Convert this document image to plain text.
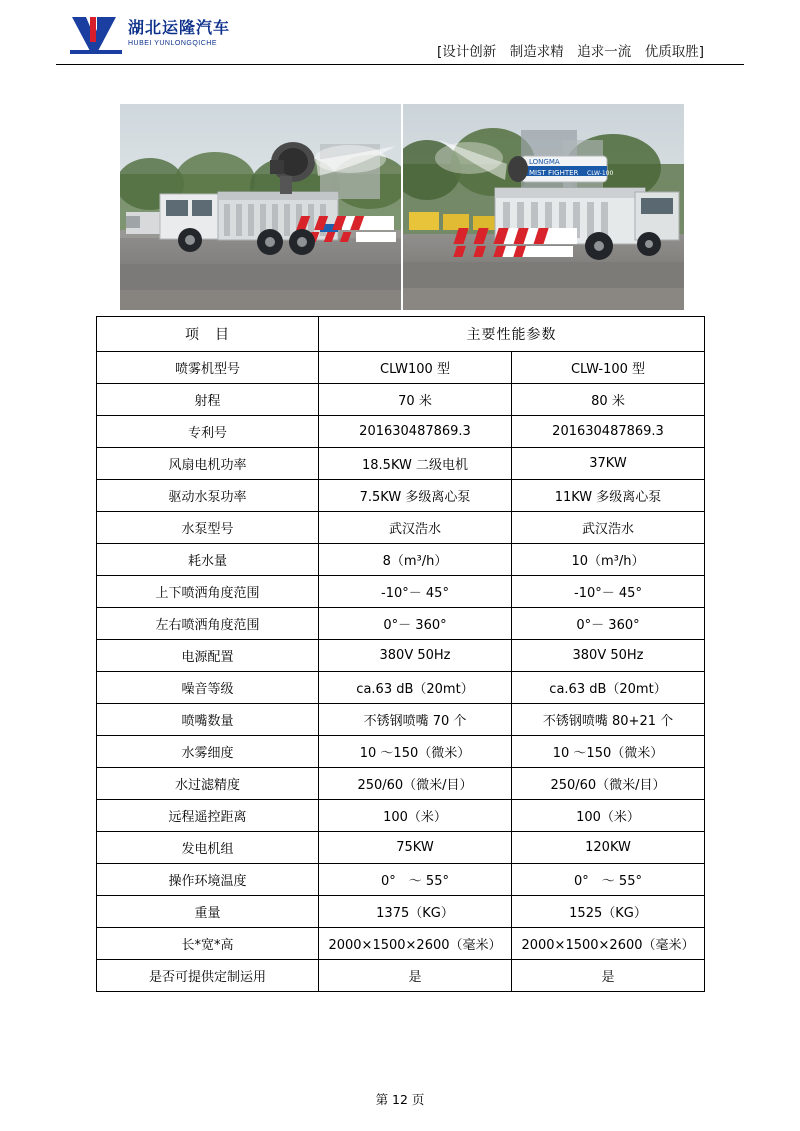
湖北运隆汽车
HUBEI YUNLONGQICHE
[设计创新　制造求精　追求一流　优质取胜]
LONGMA
MIST FIGHTER CLW-100
项　目	主要性能参数	
喷雾机型号	CLW100 型	CLW-100 型
射程	70 米	80 米
专利号	201630487869.3	201630487869.3
风扇电机功率	18.5KW 二级电机	37KW
驱动水泵功率	7.5KW 多级离心泵	11KW 多级离心泵
水泵型号	武汉浩水	武汉浩水
耗水量	8（m³/h）	10（m³/h）
上下喷洒角度范围	-10°－ 45°	-10°－ 45°
左右喷洒角度范围	0°－ 360°	0°－ 360°
电源配置	380V 50Hz	380V 50Hz
噪音等级	ca.63 dB（20mt）	ca.63 dB（20mt）
喷嘴数量	不锈钢喷嘴 70 个	不锈钢喷嘴 80+21 个
水雾细度	10 ～150（微米）	10 ～150（微米）
水过滤精度	250/60（微米/目）	250/60（微米/目）
远程遥控距离	100（米）	100（米）
发电机组	75KW	120KW
操作环境温度	0°　～ 55°	0°　～ 55°
重量	1375（KG）	1525（KG）
长*宽*高	2000×1500×2600（毫米）	2000×1500×2600（毫米）
是否可提供定制运用	是	是
第 12 页
